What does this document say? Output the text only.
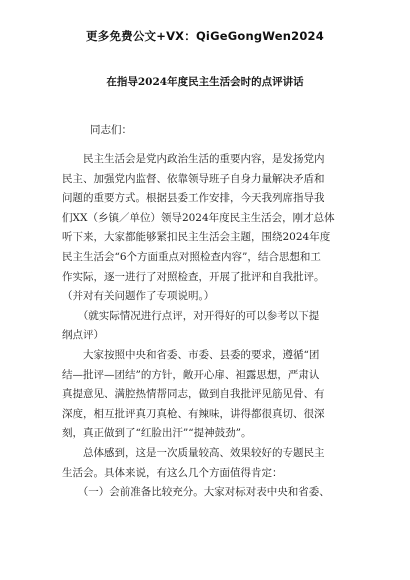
更多免费公文+VX：QiGeGongWen2024
在指导2024年度民主生活会时的点评讲话
同志们：
　　民主生活会是党内政治生活的重要内容，是发扬党内
民主、加强党内监督、依靠领导班子自身力量解决矛盾和
问题的重要方式。根据县委工作安排，今天我列席指导我
们XX（乡镇／单位）领导2024年度民主生活会，刚才总体
听下来，大家都能够紧扣民主生活会主题，围绕2024年度
民主生活会“6个方面重点对照检查内容”，结合思想和工
作实际，逐一进行了对照检查，开展了批评和自我批评。
（并对有关问题作了专项说明。）
　　（就实际情况进行点评，对开得好的可以参考以下提
纲点评）
　　大家按照中央和省委、市委、县委的要求，遵循“团
结—批评—团结”的方针，敞开心扉、袒露思想，严肃认
真提意见、满腔热情帮同志，做到自我批评见筋见骨、有
深度，相互批评真刀真枪、有辣味，讲得都很真切、很深
刻，真正做到了“红脸出汗”“提神鼓劲”。
　　总体感到，这是一次质量较高、效果较好的专题民主
生活会。具体来说，有这么几个方面值得肯定：
　　（一）会前准备比较充分。大家对标对表中央和省委、
